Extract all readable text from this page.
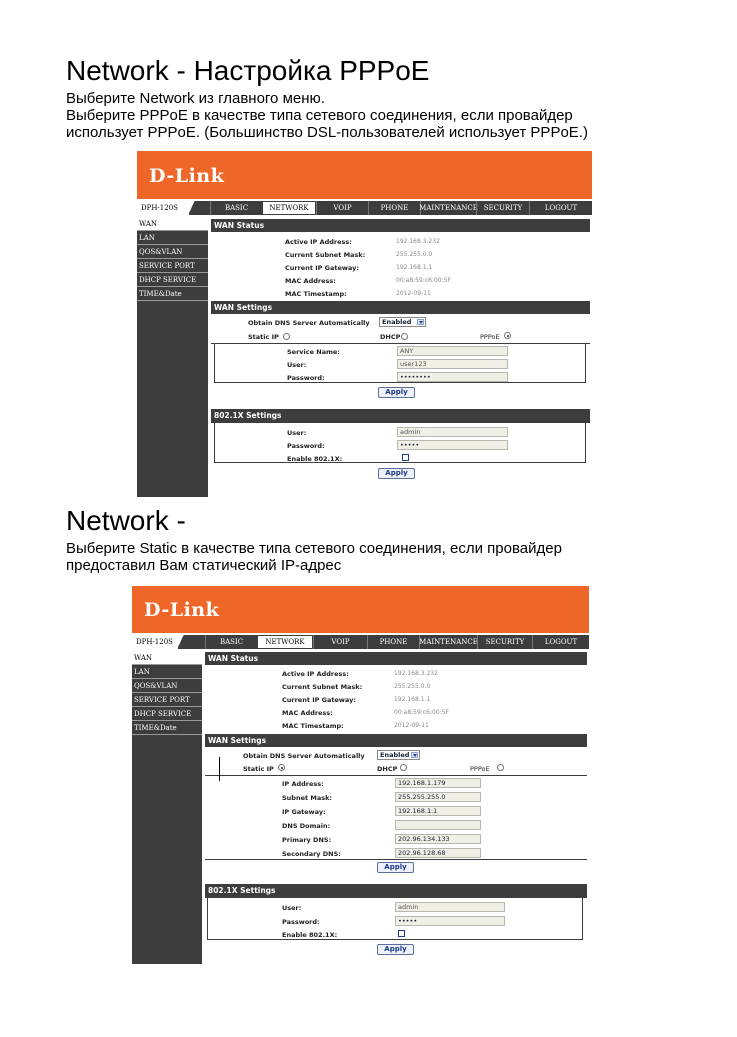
Network - Настройка PPPoE
Выберите Network из главного меню.
Выберите PPPoE в качестве типа сетевого соединения, если провайдер
использует PPPoE. (Большинство DSL-пользователей использует PPPoE.)
D-Link
DPH-120S	BASIC	NETWORK	VOIP	PHONE	MAINTENANCE SECURITY	LOGOUT
WAN
LAN
QOS&VLAN
SERVICE PORT
DHCP SERVICE
TIME&Date
WAN Status
Active IP Address:	192.168.3.232
Current Subnet Mask:	255.255.0.0
Current IP Gateway:	192.168.1.1
MAC Address:	00:a8:59:c6:00:5F
MAC Timestamp:	2012-09-11
WAN Settings
Obtain DNS Server Automatically	Enabled
Static IP	DHCP	PPPoE
Service Name:	ANY
User:	user123
Password:	••••••••
Apply
802.1X Settings
User:	admin
Password:	•••••
Enable 802.1X:
Apply
Network -
Выберите Static в качестве типа сетевого соединения, если провайдер
предоставил Вам статический IP-адрес
D-Link
DPH-120S	BASIC	NETWORK	VOIP	PHONE	MAINTENANCE	SECURITY	LOGOUT
WAN
LAN
QOS&VLAN
SERVICE PORT
DHCP SERVICE
TIME&Date
WAN Status
Active IP Address:	192.168.3.232
Current Subnet Mask:	255.255.0.0
Current IP Gateway:	192.168.1.1
MAC Address:	00:a8:59:c6:00:5F
MAC Timestamp:	2012-09-11
WAN Settings
Obtain DNS Server Automatically	Enabled
Static IP	DHCP	PPPoE
IP Address:	192.168.1.179
Subnet Mask:	255.255.255.0
IP Gateway:	192.168.1.1
DNS Domain:
Primary DNS:	202.96.134.133
Secondary DNS:	202.96.128.68
Apply
802.1X Settings
User:	admin
Password:	•••••
Enable 802.1X:
Apply
